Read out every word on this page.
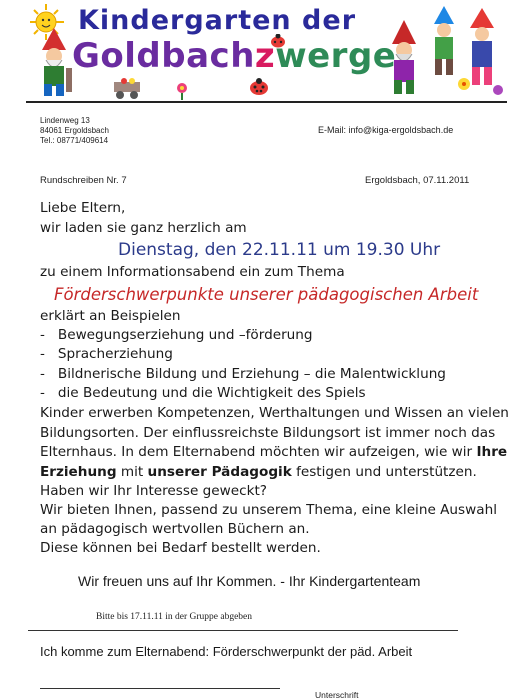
Kindergarten der
Goldbachzwerge
Lindenweg 13
84061 Ergoldsbach
Tel.: 08771/409614
E-Mail: info@kiga-ergoldsbach.de
Rundschreiben Nr. 7	Ergoldsbach, 07.11.2011
Liebe Eltern,
wir laden sie ganz herzlich am
Dienstag, den 22.11.11 um 19.30 Uhr
zu einem Informationsabend ein zum Thema
Förderschwerpunkte unserer pädagogischen Arbeit
erklärt an Beispielen
-   Bewegungserziehung und –förderung
-   Spracherziehung
-   Bildnerische Bildung und Erziehung – die Malentwicklung
-   die Bedeutung und die Wichtigkeit des Spiels
Kinder erwerben Kompetenzen, Werthaltungen und Wissen an vielen
Bildungsorten. Der einflussreichste Bildungsort ist immer noch das
Elternhaus. In dem Elternabend möchten wir aufzeigen, wie wir Ihre
Erziehung mit unserer Pädagogik festigen und unterstützen.
Haben wir Ihr Interesse geweckt?
Wir bieten Ihnen, passend zu unserem Thema, eine kleine Auswahl
an pädagogisch wertvollen Büchern an.
Diese können bei Bedarf bestellt werden.
Wir freuen uns auf Ihr Kommen. - Ihr Kindergartenteam
Bitte bis 17.11.11 in der Gruppe abgeben
Ich komme zum Elternabend: Förderschwerpunkt der päd. Arbeit
Unterschrift
